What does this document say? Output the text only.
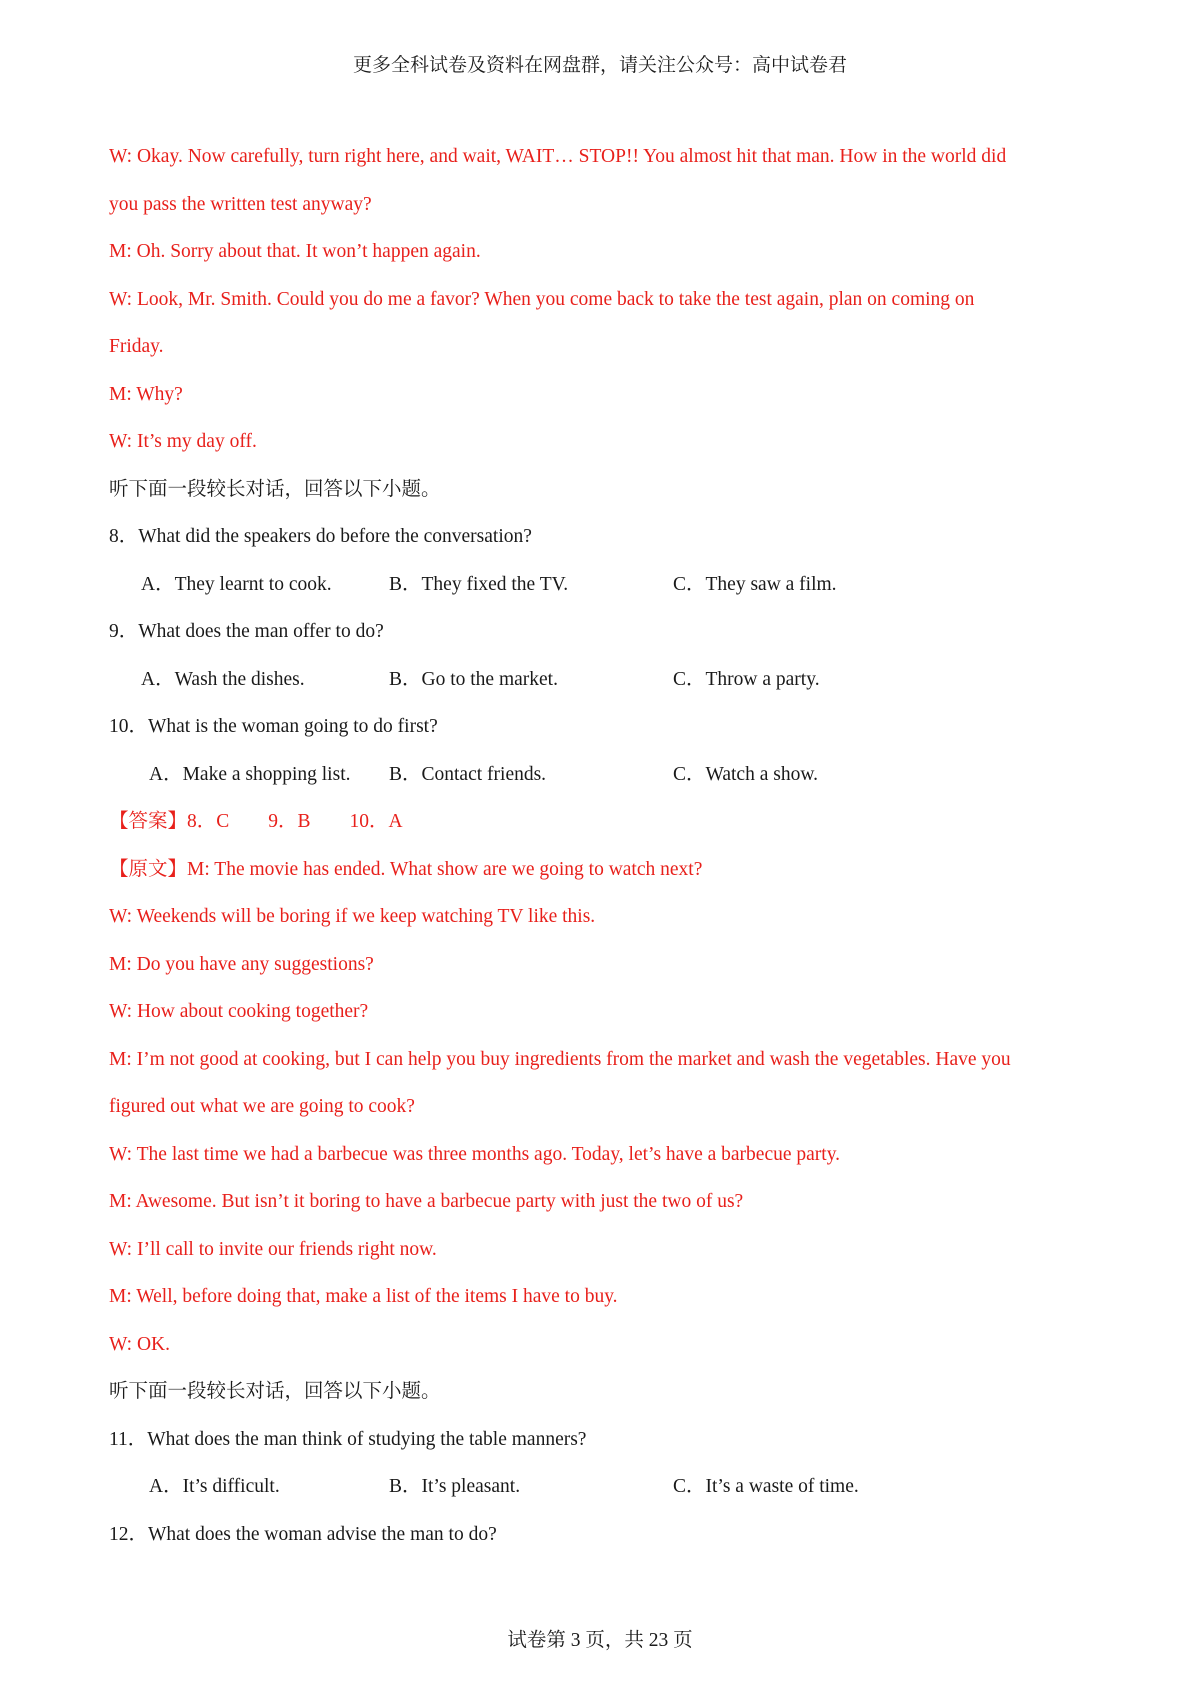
更多全科试卷及资料在网盘群，请关注公众号：高中试卷君
W: Okay. Now carefully, turn right here, and wait, WAIT… STOP!! You almost hit that man. How in the world did
you pass the written test anyway?
M: Oh. Sorry about that. It won’t happen again.
W: Look, Mr. Smith. Could you do me a favor? When you come back to take the test again, plan on coming on
Friday.
M: Why?
W: It’s my day off.
听下面一段较长对话，回答以下小题。
8．What did the speakers do before the conversation?
A．They learnt to cook.	B．They fixed the TV.	C．They saw a film.
9．What does the man offer to do?
A．Wash the dishes.	B．Go to the market.	C．Throw a party.
10．What is the woman going to do first?
A．Make a shopping list. B．Contact friends.	C．Watch a show.
【答案】8．C　　9．B　　10．A
【原文】M: The movie has ended. What show are we going to watch next?
W: Weekends will be boring if we keep watching TV like this.
M: Do you have any suggestions?
W: How about cooking together?
M: I’m not good at cooking, but I can help you buy ingredients from the market and wash the vegetables. Have you
figured out what we are going to cook?
W: The last time we had a barbecue was three months ago. Today, let’s have a barbecue party.
M: Awesome. But isn’t it boring to have a barbecue party with just the two of us?
W: I’ll call to invite our friends right now.
M: Well, before doing that, make a list of the items I have to buy.
W: OK.
听下面一段较长对话，回答以下小题。
11．What does the man think of studying the table manners?
A．It’s difficult.	B．It’s pleasant.	C．It’s a waste of time.
12．What does the woman advise the man to do?
试卷第 3 页，共 23 页
